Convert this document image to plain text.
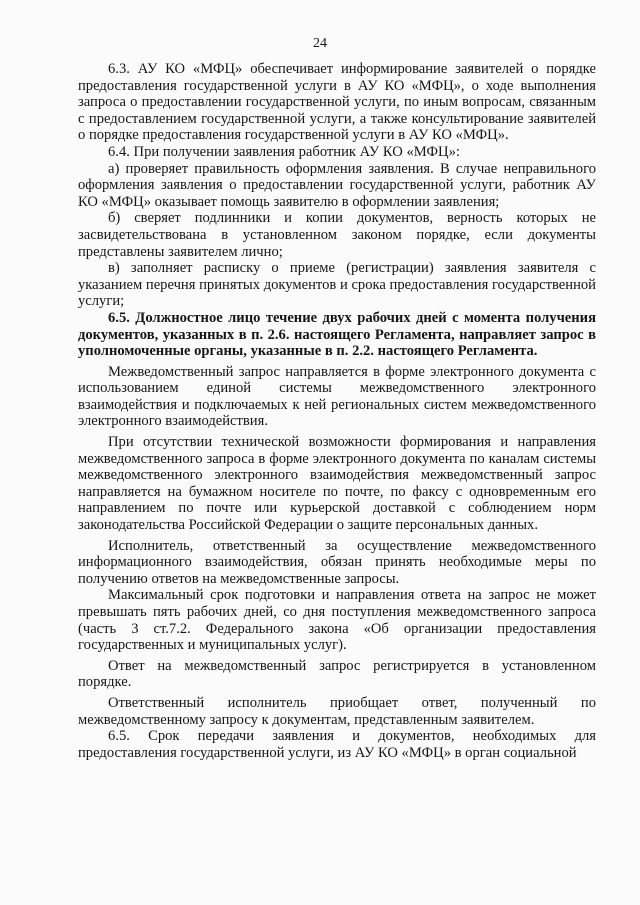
24

6.3. АУ КО «МФЦ» обеспечивает информирование заявителей о порядке предоставления государственной услуги в АУ КО «МФЦ», о ходе выполнения запроса о предоставлении государственной услуги, по иным вопросам, связанным с предоставлением государственной услуги, а также консультирование заявителей о порядке предоставления государственной услуги в АУ КО «МФЦ».

6.4. При получении заявления работник АУ КО «МФЦ»:

а) проверяет правильность оформления заявления. В случае неправильного оформления заявления о предоставлении государственной услуги, работник АУ КО «МФЦ» оказывает помощь заявителю в оформлении заявления;

б) сверяет подлинники и копии документов, верность которых не засвидетельствована в установленном законом порядке, если документы представлены заявителем лично;

в) заполняет расписку о приеме (регистрации) заявления заявителя с указанием перечня принятых документов и срока предоставления государственной услуги;

6.5. Должностное лицо течение двух рабочих дней с момента получения документов, указанных в п. 2.6. настоящего Регламента, направляет запрос в уполномоченные органы, указанные в п. 2.2. настоящего Регламента.

Межведомственный запрос направляется в форме электронного документа с использованием единой системы межведомственного электронного взаимодействия и подключаемых к ней региональных систем межведомственного электронного взаимодействия.

При отсутствии технической возможности формирования и направления межведомственного запроса в форме электронного документа по каналам системы межведомственного электронного взаимодействия межведомственный запрос направляется на бумажном носителе по почте, по факсу с одновременным его направлением по почте или курьерской доставкой с соблюдением норм законодательства Российской Федерации о защите персональных данных.

Исполнитель, ответственный за осуществление межведомственного информационного взаимодействия, обязан принять необходимые меры по получению ответов на межведомственные запросы.

Максимальный срок подготовки и направления ответа на запрос не может превышать пять рабочих дней, со дня поступления межведомственного запроса (часть 3 ст.7.2. Федерального закона «Об организации предоставления государственных и муниципальных услуг).

Ответ на межведомственный запрос регистрируется в установленном порядке.

Ответственный исполнитель приобщает ответ, полученный по межведомственному запросу к документам, представленным заявителем.

6.5. Срок передачи заявления и документов, необходимых для предоставления государственной услуги, из АУ КО «МФЦ» в орган социальной
